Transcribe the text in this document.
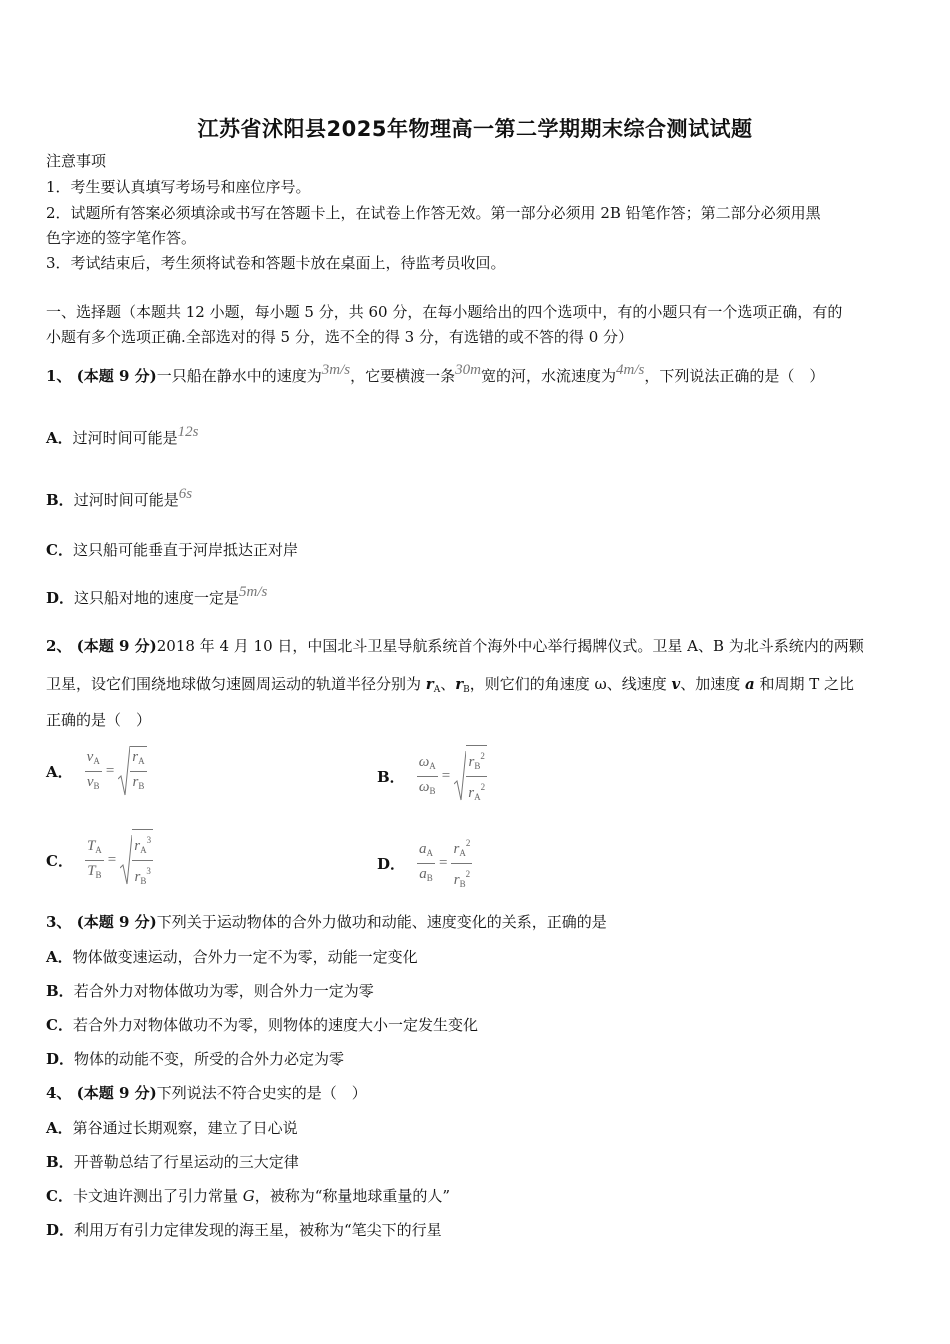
江苏省沭阳县2025年物理高一第二学期期末综合测试试题
注意事项
1．考生要认真填写考场号和座位序号。
2．试题所有答案必须填涂或书写在答题卡上，在试卷上作答无效。第一部分必须用 2B 铅笔作答；第二部分必须用黑
色字迹的签字笔作答。
3．考试结束后，考生须将试卷和答题卡放在桌面上，待监考员收回。
一、选择题（本题共 12 小题，每小题 5 分，共 60 分，在每小题给出的四个选项中，有的小题只有一个选项正确，有的
小题有多个选项正确.全部选对的得 5 分，选不全的得 3 分，有选错的或不答的得 0 分）
1、 (本题 9 分)一只船在静水中的速度为3m/s，它要横渡一条30m宽的河，水流速度为4m/s，下列说法正确的是（　）
A．过河时间可能是12s
B．过河时间可能是6s
C．这只船可能垂直于河岸抵达正对岸
D．这只船对地的速度一定是5m/s
2、 (本题 9 分)2018 年 4 月 10 日，中国北斗卫星导航系统首个海外中心举行揭牌仪式。卫星 A、B 为北斗系统内的两颗
卫星，设它们围绕地球做匀速圆周运动的轨道半径分别为 $r_A$、$r_B$，则它们的角速度 ω、线速度 v、加速度 a 和周期 T 之比
正确的是（　）
A． $\frac{v_A}{v_B} = \frac{r_A}{r_B}$	B． $\frac{\omega_A}{\omega_B} = \frac{r_B^2}{r_A^2}$
C． $\frac{T_A}{T_B} = \frac{r_A^3}{r_B^3}$	D． $\frac{a_A}{a_B} = \frac{r_A^2}{r_B^2}$
3、 (本题 9 分)下列关于运动物体的合外力做功和动能、速度变化的关系，正确的是
A．物体做变速运动，合外力一定不为零，动能一定变化
B．若合外力对物体做功为零，则合外力一定为零
C．若合外力对物体做功不为零，则物体的速度大小一定发生变化
D．物体的动能不变，所受的合外力必定为零
4、 (本题 9 分)下列说法不符合史实的是（　）
A．第谷通过长期观察，建立了日心说
B．开普勒总结了行星运动的三大定律
C．卡文迪许测出了引力常量 G，被称为“称量地球重量的人”
D．利用万有引力定律发现的海王星，被称为“笔尖下的行星
